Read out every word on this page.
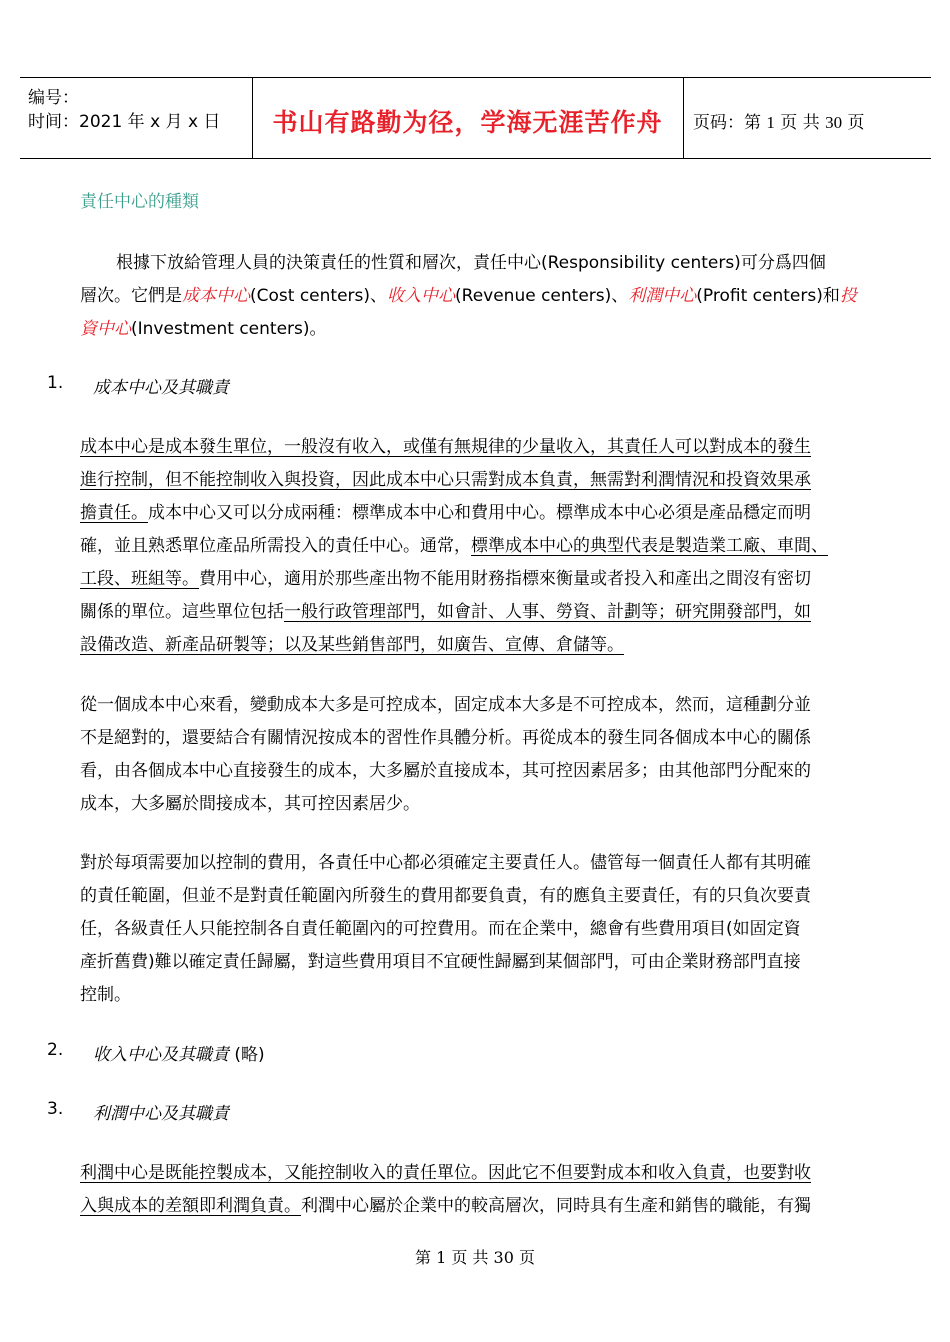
编号：
时间：2021 年 x 月 x 日	书山有路勤为径，学海无涯苦作舟	页码：第 1 页 共 30 页
責任中心的種類
根據下放給管理人員的決策責任的性質和層次，責任中心(Responsibility centers)可分爲四個
層次。它們是成本中心(Cost centers)、收入中心(Revenue centers)、利潤中心(Profit centers)和投
資中心(Investment centers)。
1. 成本中心及其職責
成本中心是成本發生單位，一般沒有收入，或僅有無規律的少量收入，其責任人可以對成本的發生
進行控制，但不能控制收入與投資，因此成本中心只需對成本負責，無需對利潤情況和投資效果承
擔責任。成本中心又可以分成兩種：標準成本中心和費用中心。標準成本中心必須是產品穩定而明
確，並且熟悉單位產品所需投入的責任中心。通常，標準成本中心的典型代表是製造業工廠、車間、
工段、班組等。費用中心，適用於那些產出物不能用財務指標來衡量或者投入和產出之間沒有密切
關係的單位。這些單位包括一般行政管理部門，如會計、人事、勞資、計劃等；研究開發部門，如
設備改造、新產品研製等；以及某些銷售部門，如廣告、宣傳、倉儲等。
從一個成本中心來看，變動成本大多是可控成本，固定成本大多是不可控成本，然而，這種劃分並
不是絕對的，還要結合有關情況按成本的習性作具體分析。再從成本的發生同各個成本中心的關係
看，由各個成本中心直接發生的成本，大多屬於直接成本，其可控因素居多；由其他部門分配來的
成本，大多屬於間接成本，其可控因素居少。
對於每項需要加以控制的費用，各責任中心都必須確定主要責任人。儘管每一個責任人都有其明確
的責任範圍，但並不是對責任範圍內所發生的費用都要負責，有的應負主要責任，有的只負次要責
任，各級責任人只能控制各自責任範圍內的可控費用。而在企業中，總會有些費用項目(如固定資
產折舊費)難以確定責任歸屬，對這些費用項目不宜硬性歸屬到某個部門，可由企業財務部門直接
控制。
2. 收入中心及其職責 (略)
3. 利潤中心及其職責
利潤中心是既能控製成本，又能控制收入的責任單位。因此它不但要對成本和收入負責，也要對收
入與成本的差額即利潤負責。利潤中心屬於企業中的較高層次，同時具有生產和銷售的職能，有獨
第 1 页 共 30 页
